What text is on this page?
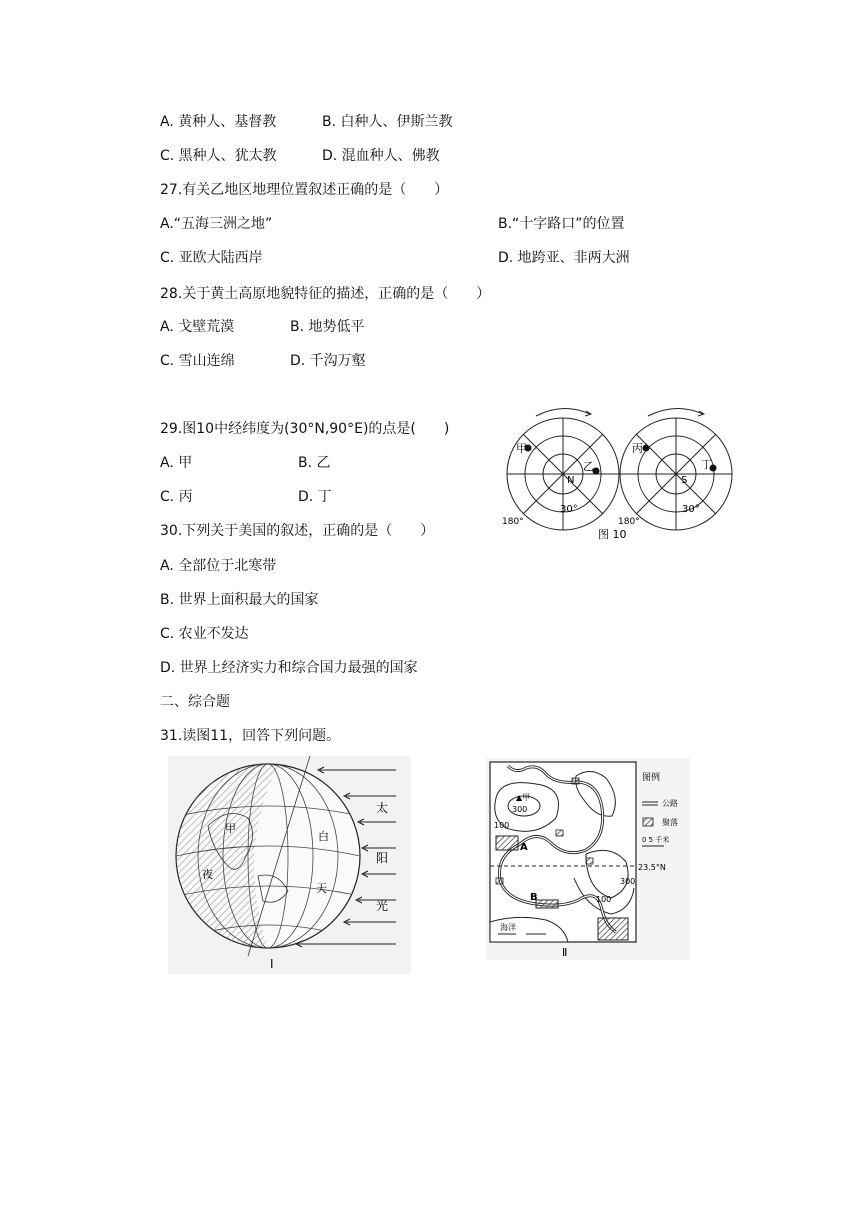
A. 黄种人、基督教	B. 白种人、伊斯兰教
C. 黑种人、犹太教	D. 混血种人、佛教
27.有关乙地区地理位置叙述正确的是（　　）
A.“五海三洲之地”	B.“十字路口”的位置
C. 亚欧大陆西岸	D. 地跨亚、非两大洲
28.关于黄土高原地貌特征的描述，正确的是（　　）
A. 戈壁荒漠	B. 地势低平
C. 雪山连绵	D. 千沟万壑
29.图10中经纬度为(30°N,90°E)的点是(　　)
A. 甲	B. 乙
C. 丙	D. 丁
30.下列关于美国的叙述，正确的是（　　）
A. 全部位于北寒带
B. 世界上面积最大的国家
C. 农业不发达
D. 世界上经济实力和综合国力最强的国家
二、综合题
31.读图11，回答下列问题。
甲
乙
N
30°
180°
丙
丁
S
30°
180°
图 10
太
阳
光
甲
白
夜
天
Ⅰ
▲甲
300
100
300
100
A
B
海洋
23.5°N
图例
公路
聚落
0 5 千米
Ⅱ
